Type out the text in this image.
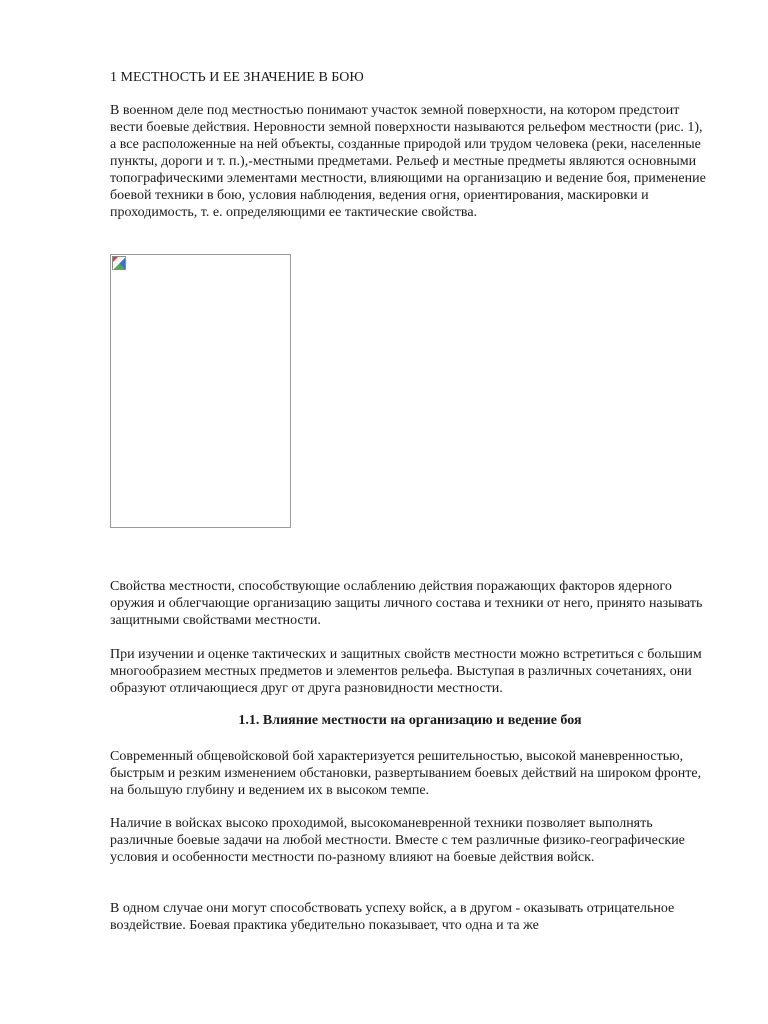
1 МЕСТНОСТЬ И ЕЕ ЗНАЧЕНИЕ В БОЮ

В военном деле под местностью понимают участок земной поверхности, на котором предстоит вести боевые действия. Неровности земной поверхности называются рельефом местности (рис. 1), а все расположенные на ней объекты, созданные природой или трудом человека (реки, населенные пункты, дороги и т. п.),-местными предметами. Рельеф и местные предметы являются основными топографическими элементами местности, влияющими на организацию и ведение боя, применение боевой техники в бою, условия наблюдения, ведения огня, ориентирования, маскировки и проходимость, т. е. определяющими ее тактические свойства.

Свойства местности, способствующие ослаблению действия поражающих факторов ядерного оружия и облегчающие организацию защиты личного состава и техники от него, принято называть защитными свойствами местности.

При изучении и оценке тактических и защитных свойств местности можно встретиться с большим многообразием местных предметов и элементов рельефа. Выступая в различных сочетаниях, они образуют отличающиеся друг от друга разновидности местности.

1.1. Влияние местности на организацию и ведение боя

Современный общевойсковой бой характеризуется решительностью, высокой маневренностью, быстрым и резким изменением обстановки, развертыванием боевых действий на широком фронте, на большую глубину и ведением их в высоком темпе.

Наличие в войсках высоко проходимой, высокоманевренной техники позволяет выполнять различные боевые задачи на любой местности. Вместе с тем различные физико-географические условия и особенности местности по-разному влияют на боевые действия войск.

В одном случае они могут способствовать успеху войск, а в другом - оказывать отрицательное воздействие. Боевая практика убедительно показывает, что одна и та же
